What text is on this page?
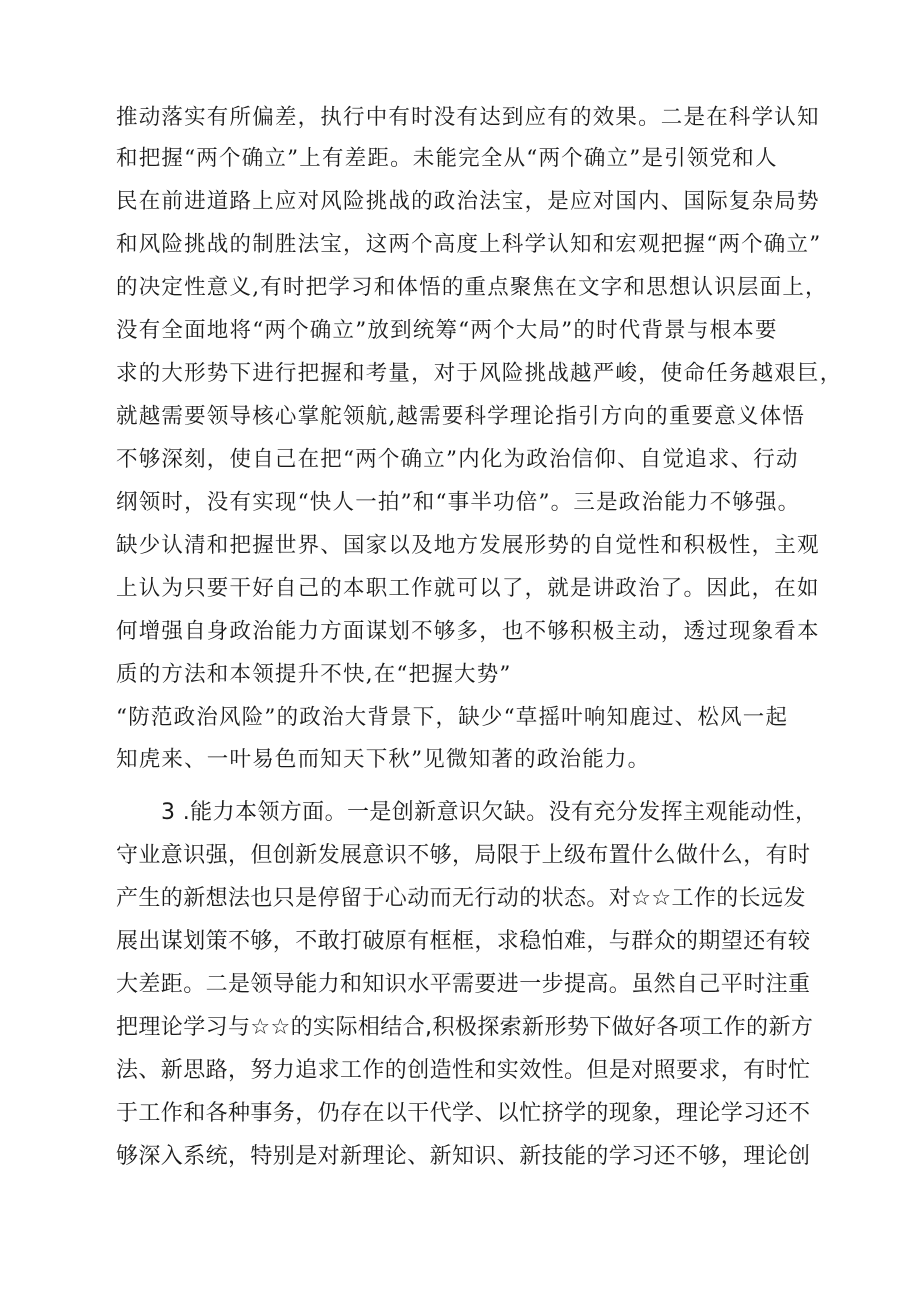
推动落实有所偏差，执行中有时没有达到应有的效果。二是在科学认知
和把握“两个确立”上有差距。未能完全从“两个确立”是引领党和人
民在前进道路上应对风险挑战的政治法宝，是应对国内、国际复杂局势
和风险挑战的制胜法宝，这两个高度上科学认知和宏观把握“两个确立”
的决定性意义,有时把学习和体悟的重点聚焦在文字和思想认识层面上，
没有全面地将“两个确立”放到统筹“两个大局”的时代背景与根本要
求的大形势下进行把握和考量，对于风险挑战越严峻，使命任务越艰巨，
就越需要领导核心掌舵领航,越需要科学理论指引方向的重要意义体悟
不够深刻，使自己在把“两个确立”内化为政治信仰、自觉追求、行动
纲领时，没有实现“快人一拍”和“事半功倍”。三是政治能力不够强。
缺少认清和把握世界、国家以及地方发展形势的自觉性和积极性，主观
上认为只要干好自己的本职工作就可以了，就是讲政治了。因此，在如
何增强自身政治能力方面谋划不够多，也不够积极主动，透过现象看本
质的方法和本领提升不快,在“把握大势”
“防范政治风险”的政治大背景下，缺少“草摇叶响知鹿过、松风一起
知虎来、一叶易色而知天下秋”见微知著的政治能力。
3 .能力本领方面。一是创新意识欠缺。没有充分发挥主观能动性，
守业意识强，但创新发展意识不够，局限于上级布置什么做什么，有时
产生的新想法也只是停留于心动而无行动的状态。对☆☆工作的长远发
展出谋划策不够，不敢打破原有框框，求稳怕难，与群众的期望还有较
大差距。二是领导能力和知识水平需要进一步提高。虽然自己平时注重
把理论学习与☆☆的实际相结合,积极探索新形势下做好各项工作的新方
法、新思路，努力追求工作的创造性和实效性。但是对照要求，有时忙
于工作和各种事务，仍存在以干代学、以忙挤学的现象，理论学习还不
够深入系统，特别是对新理论、新知识、新技能的学习还不够，理论创
